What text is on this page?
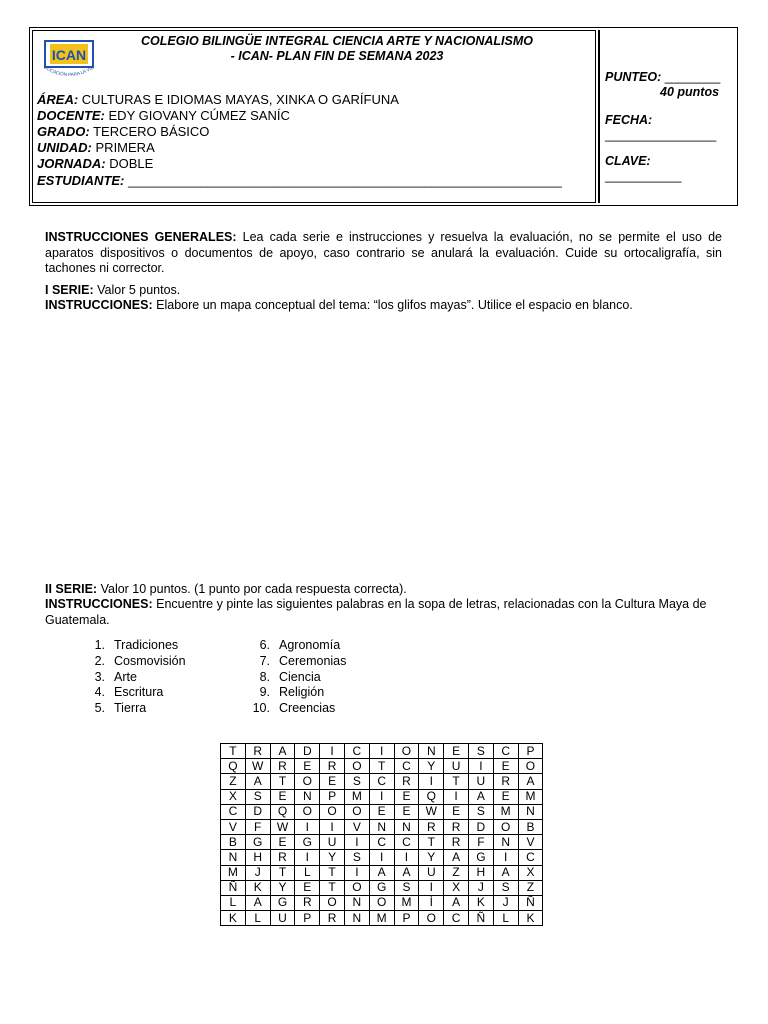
ICAN
DUCACIÓN PARA LA VID
COLEGIO BILINGÜE INTEGRAL CIENCIA ARTE Y NACIONALISMO
- ICAN- PLAN FIN DE SEMANA 2023
ÁREA: CULTURAS E IDIOMAS MAYAS, XINKA O GARÍFUNA
DOCENTE: EDY GIOVANY CÚMEZ SANÍC
GRADO: TERCERO BÁSICO
UNIDAD: PRIMERA
JORNADA: DOBLE
ESTUDIANTE: ____________________________________________________________
PUNTEO: ________
40 puntos
FECHA:
________________
CLAVE:
___________
INSTRUCCIONES GENERALES: Lea cada serie e instrucciones y resuelva la evaluación, no se permite el uso de aparatos dispositivos o documentos de apoyo, caso contrario se anulará la evaluación. Cuide su ortocaligrafía, sin tachones ni corrector.
I SERIE: Valor 5 puntos.
INSTRUCCIONES: Elabore un mapa conceptual del tema: “los glifos mayas”. Utilice el espacio en blanco.
II SERIE: Valor 10 puntos. (1 punto por cada respuesta correcta).
INSTRUCCIONES: Encuentre y pinte las siguientes palabras en la sopa de letras, relacionadas con la Cultura Maya de Guatemala.
1. Tradiciones
2. Cosmovisión
3. Arte
4. Escritura
5. Tierra
6. Agronomía
7. Ceremonias
8. Ciencia
9. Religión
10. Creencias
T	R	A	D	I	C	I	O	N	E	S	C	P
Q	W	R	E	R	O	T	C	Y	U	I	E	O
Z	A	T	O	E	S	C	R	I	T	U	R	A
X	S	E	N	P	M	I	E	Q	I	A	E	M
C	D	Q	O	O	O	E	E	W	E	S	M	N
V	F	W	I	I	V	N	N	R	R	D	O	B
B	G	E	G	U	I	C	C	T	R	F	N	V
N	H	R	I	Y	S	I	I	Y	A	G	I	C
M	J	T	L	T	I	A	A	U	Z	H	A	X
Ñ	K	Y	E	T	O	G	S	I	X	J	S	Z
L	A	G	R	O	N	O	M	Í	A	K	J	Ñ
K	L	U	P	R	N	M	P	O	C	Ñ	L	K
